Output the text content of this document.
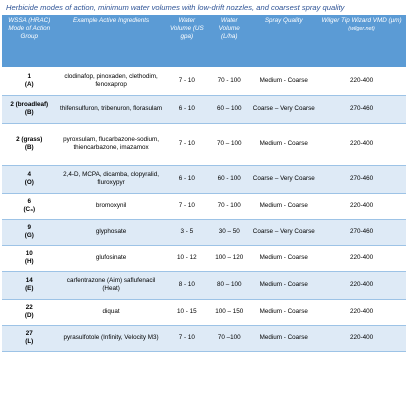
Herbicide modes of action, minimum water volumes with low-drift nozzles, and coarsest spray quality
WSSA (HRAC) Mode of Action Group	Example Active Ingredients	Water Volume (US gpa)	Water Volume (L/ha)	Spray Quality	Wilger Tip Wizard VMD (µm)
(wilger.net)

1
(A)	clodinafop, pinoxaden, clethodim, fenoxaprop	7 - 10	70 - 100	Medium - Coarse	220-400

2 (broadleaf)
(B)	thifensulfuron, tribenuron, florasulam	6 - 10	60 – 100	Coarse – Very Coarse	270-460

2 (grass)
(B)	pyroxsulam, flucarbazone-sodium, thiencarbazone, imazamox	7 - 10	70 – 100	Medium - Coarse	220-400

4
(O)	2,4-D, MCPA, dicamba, clopyralid, fluroxypyr	6 - 10	60 - 100	Coarse – Very Coarse	270-460

6
(C₃)	bromoxynil	7 - 10	70 - 100	Medium - Coarse	220-400

9
(G)	glyphosate	3 - 5	30 – 50	Coarse – Very Coarse	270-460

10
(H)	glufosinate	10 - 12	100 – 120	Medium - Coarse	220-400

14
(E)	carfentrazone (Aim) saflufenacil (Heat)	8 - 10	80 – 100	Medium - Coarse	220-400

22
(D)	diquat	10 - 15	100 – 150	Medium - Coarse	220-400

27
(L)	pyrasulfotole (Infinity, Velocity M3)	7 - 10	70 –100	Medium - Coarse	220-400
